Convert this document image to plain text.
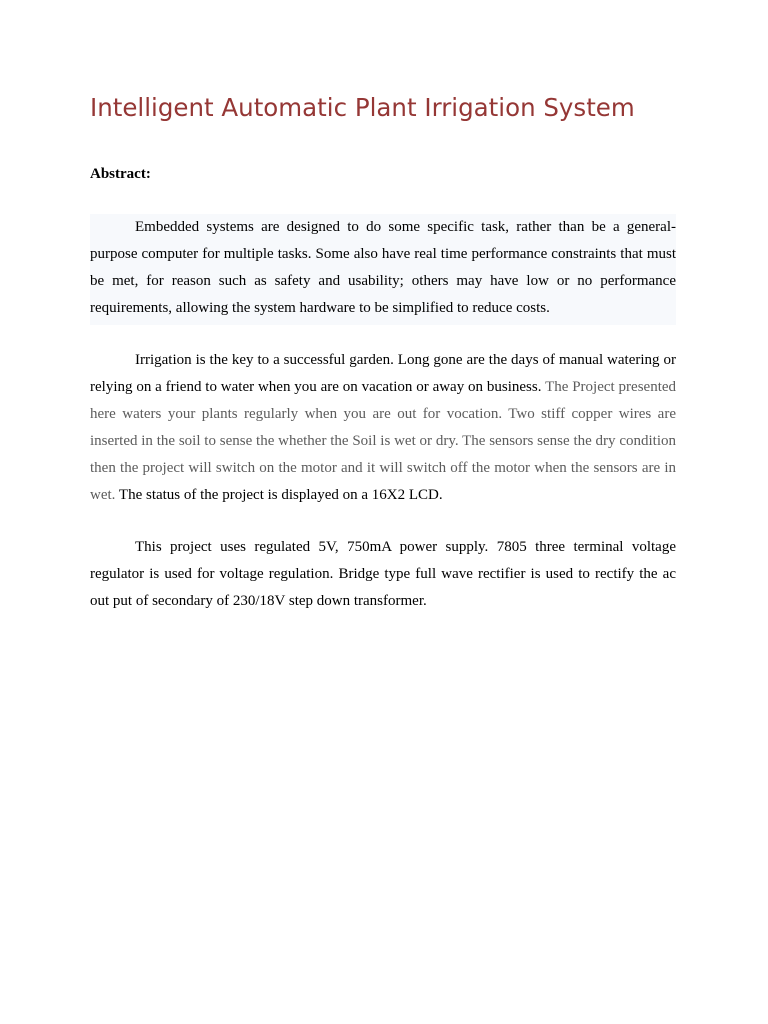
Intelligent Automatic Plant Irrigation System

Abstract:

Embedded systems are designed to do some specific task, rather than be a general-purpose computer for multiple tasks. Some also have real time performance constraints that must be met, for reason such as safety and usability; others may have low or no performance requirements, allowing the system hardware to be simplified to reduce costs.

Irrigation is the key to a successful garden. Long gone are the days of manual watering or relying on a friend to water when you are on vacation or away on business. The Project presented here waters your plants regularly when you are out for vocation. Two stiff copper wires are inserted in the soil to sense the whether the Soil is wet or dry. The sensors sense the dry condition then the project will switch on the motor and it will switch off the motor when the sensors are in wet. The status of the project is displayed on a 16X2 LCD.

This project uses regulated 5V, 750mA power supply. 7805 three terminal voltage regulator is used for voltage regulation. Bridge type full wave rectifier is used to rectify the ac out put of secondary of 230/18V step down transformer.
